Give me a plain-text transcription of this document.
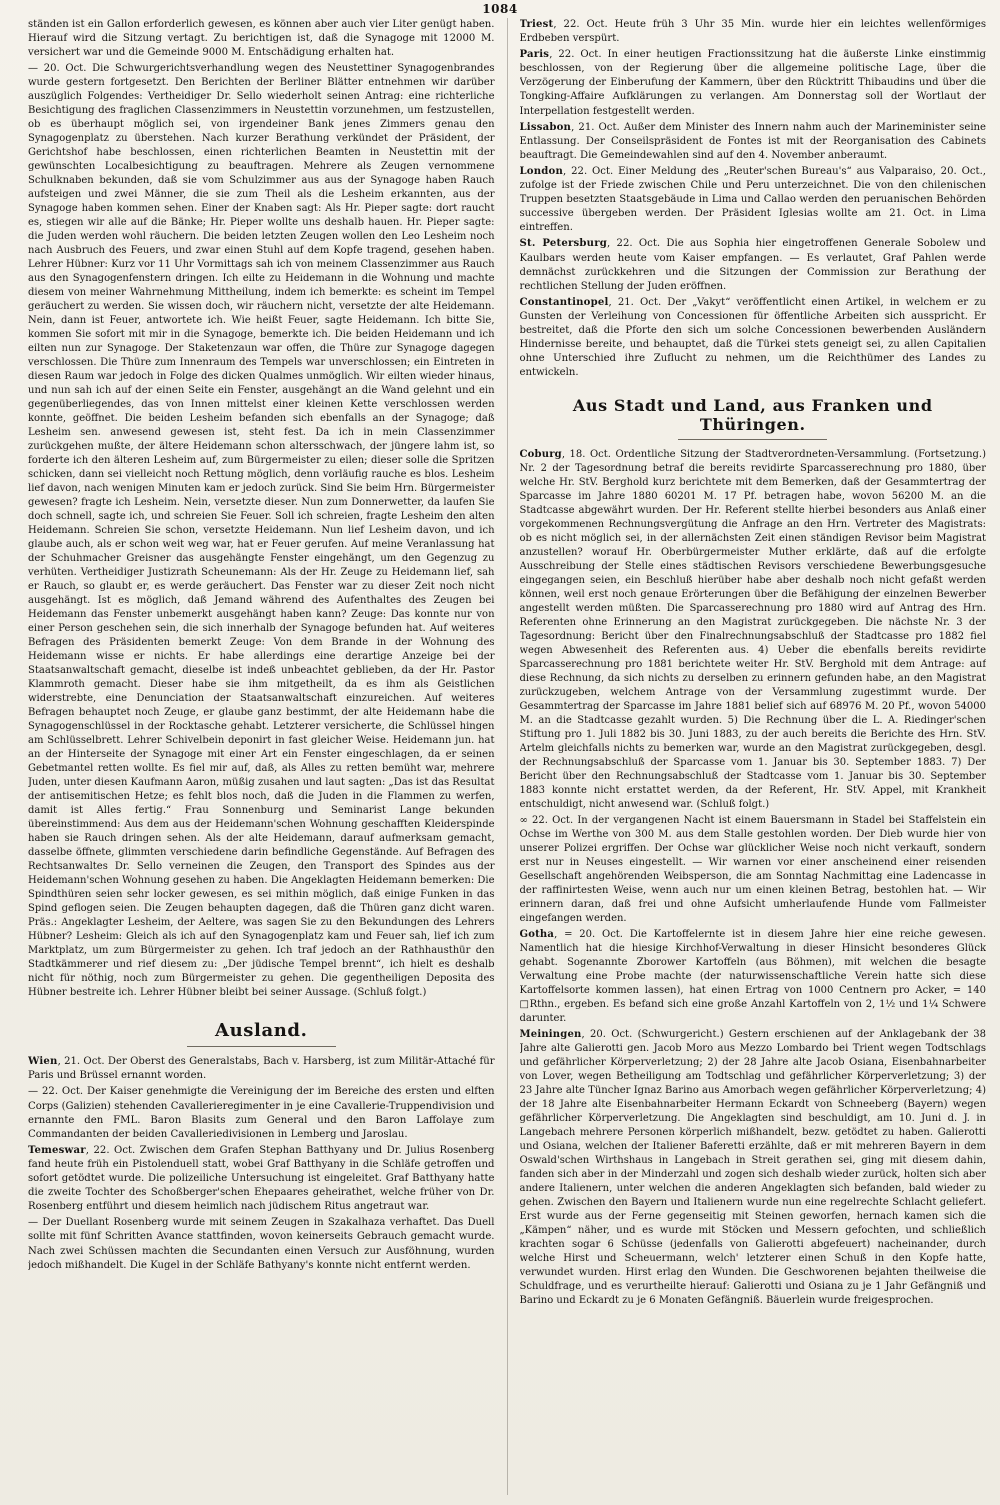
1084

ständen ist ein Gallon erforderlich gewesen, es können aber auch vier Liter genügt haben. Hierauf wird die Sitzung vertagt. Zu berichtigen ist, daß die Synagoge mit 12000 M. versichert war und die Gemeinde 9000 M. Entschädigung erhalten hat.

— 20. Oct. Die Schwurgerichtsverhandlung wegen des Neustettiner Synagogenbrandes wurde gestern fortgesetzt. Den Berichten der Berliner Blätter entnehmen wir darüber auszüglich Folgendes: Vertheidiger Dr. Sello wiederholt seinen Antrag: eine richterliche Besichtigung des fraglichen Classenzimmers in Neustettin vorzunehmen, um festzustellen, ob es überhaupt möglich sei, von irgendeiner Bank jenes Zimmers genau den Synagogenplatz zu überstehen. Nach kurzer Berathung verkündet der Präsident, der Gerichtshof habe beschlossen, einen richterlichen Beamten in Neustettin mit der gewünschten Localbesichtigung zu beauftragen. Mehrere als Zeugen vernommene Schulknaben bekunden, daß sie vom Schulzimmer aus aus der Synagoge haben Rauch aufsteigen und zwei Männer, die sie zum Theil als die Lesheim erkannten, aus der Synagoge haben kommen sehen. Einer der Knaben sagt: Als Hr. Pieper sagte: dort raucht es, stiegen wir alle auf die Bänke; Hr. Pieper wollte uns deshalb hauen. Hr. Pieper sagte: die Juden werden wohl räuchern. Die beiden letzten Zeugen wollen den Leo Lesheim noch nach Ausbruch des Feuers, und zwar einen Stuhl auf dem Kopfe tragend, gesehen haben. Lehrer Hübner: Kurz vor 11 Uhr Vormittags sah ich von meinem Classenzimmer aus Rauch aus den Synagogenfenstern dringen. Ich eilte zu Heidemann in die Wohnung und machte diesem von meiner Wahrnehmung Mittheilung, indem ich bemerkte: es scheint im Tempel geräuchert zu werden. Sie wissen doch, wir räuchern nicht, versetzte der alte Heidemann. Nein, dann ist Feuer, antwortete ich. Wie heißt Feuer, sagte Heidemann. Ich bitte Sie, kommen Sie sofort mit mir in die Synagoge, bemerkte ich. Die beiden Heidemann und ich eilten nun zur Synagoge. Der Staketenzaun war offen, die Thüre zur Synagoge dagegen verschlossen. Die Thüre zum Innenraum des Tempels war unverschlossen; ein Eintreten in diesen Raum war jedoch in Folge des dicken Qualmes unmöglich. Wir eilten wieder hinaus, und nun sah ich auf der einen Seite ein Fenster, ausgehängt an die Wand gelehnt und ein gegenüberliegendes, das von Innen mittelst einer kleinen Kette verschlossen werden konnte, geöffnet. Die beiden Lesheim befanden sich ebenfalls an der Synagoge; daß Lesheim sen. anwesend gewesen ist, steht fest. Da ich in mein Classenzimmer zurückgehen mußte, der ältere Heidemann schon altersschwach, der jüngere lahm ist, so forderte ich den älteren Lesheim auf, zum Bürgermeister zu eilen; dieser solle die Spritzen schicken, dann sei vielleicht noch Rettung möglich, denn vorläufig rauche es blos. Lesheim lief davon, nach wenigen Minuten kam er jedoch zurück. Sind Sie beim Hrn. Bürgermeister gewesen? fragte ich Lesheim. Nein, versetzte dieser. Nun zum Donnerwetter, da laufen Sie doch schnell, sagte ich, und schreien Sie Feuer. Soll ich schreien, fragte Lesheim den alten Heidemann. Schreien Sie schon, versetzte Heidemann. Nun lief Lesheim davon, und ich glaube auch, als er schon weit weg war, hat er Feuer gerufen. Auf meine Veranlassung hat der Schuhmacher Greisner das ausgehängte Fenster eingehängt, um den Gegenzug zu verhüten. Vertheidiger Justizrath Scheunemann: Als der Hr. Zeuge zu Heidemann lief, sah er Rauch, so glaubt er, es werde geräuchert. Das Fenster war zu dieser Zeit noch nicht ausgehängt. Ist es möglich, daß Jemand während des Aufenthaltes des Zeugen bei Heidemann das Fenster unbemerkt ausgehängt haben kann? Zeuge: Das konnte nur von einer Person geschehen sein, die sich innerhalb der Synagoge befunden hat. Auf weiteres Befragen des Präsidenten bemerkt Zeuge: Von dem Brande in der Wohnung des Heidemann wisse er nichts. Er habe allerdings eine derartige Anzeige bei der Staatsanwaltschaft gemacht, dieselbe ist indeß unbeachtet geblieben, da der Hr. Pastor Klammroth gemacht. Dieser habe sie ihm mitgetheilt, da es ihm als Geistlichen widerstrebte, eine Denunciation der Staatsanwaltschaft einzureichen. Auf weiteres Befragen behauptet noch Zeuge, er glaube ganz bestimmt, der alte Heidemann habe die Synagogenschlüssel in der Rocktasche gehabt. Letzterer versicherte, die Schlüssel hingen am Schlüsselbrett. Lehrer Schivelbein deponirt in fast gleicher Weise. Heidemann jun. hat an der Hinterseite der Synagoge mit einer Art ein Fenster eingeschlagen, da er seinen Gebetmantel retten wollte. Es fiel mir auf, daß, als Alles zu retten bemüht war, mehrere Juden, unter diesen Kaufmann Aaron, müßig zusahen und laut sagten: „Das ist das Resultat der antisemitischen Hetze; es fehlt blos noch, daß die Juden in die Flammen zu werfen, damit ist Alles fertig.“ Frau Sonnenburg und Seminarist Lange bekunden übereinstimmend: Aus dem aus der Heidemann'schen Wohnung geschafften Kleiderspinde haben sie Rauch dringen sehen. Als der alte Heidemann, darauf aufmerksam gemacht, dasselbe öffnete, glimmten verschiedene darin befindliche Gegenstände. Auf Befragen des Rechtsanwaltes Dr. Sello verneinen die Zeugen, den Transport des Spindes aus der Heidemann'schen Wohnung gesehen zu haben. Die Angeklagten Heidemann bemerken: Die Spindthüren seien sehr locker gewesen, es sei mithin möglich, daß einige Funken in das Spind geflogen seien. Die Zeugen behaupten dagegen, daß die Thüren ganz dicht waren. Präs.: Angeklagter Lesheim, der Aeltere, was sagen Sie zu den Bekundungen des Lehrers Hübner? Lesheim: Gleich als ich auf den Synagogenplatz kam und Feuer sah, lief ich zum Marktplatz, um zum Bürgermeister zu gehen. Ich traf jedoch an der Rathhausthür den Stadtkämmerer und rief diesem zu: „Der jüdische Tempel brennt“, ich hielt es deshalb nicht für nöthig, noch zum Bürgermeister zu gehen. Die gegentheiligen Deposita des Hübner bestreite ich. Lehrer Hübner bleibt bei seiner Aussage. (Schluß folgt.)

Ausland.

Wien, 21. Oct. Der Oberst des Generalstabs, Bach v. Harsberg, ist zum Militär-Attaché für Paris und Brüssel ernannt worden.

— 22. Oct. Der Kaiser genehmigte die Vereinigung der im Bereiche des ersten und elften Corps (Galizien) stehenden Cavallerieregimenter in je eine Cavallerie-Truppendivision und ernannte den FML. Baron Blasits zum General und den Baron Laffolaye zum Commandanten der beiden Cavalleriedivisionen in Lemberg und Jaroslau.

Temeswar, 22. Oct. Zwischen dem Grafen Stephan Batthyany und Dr. Julius Rosenberg fand heute früh ein Pistolenduell statt, wobei Graf Batthyany in die Schläfe getroffen und sofort getödtet wurde. Die polizeiliche Untersuchung ist eingeleitet. Graf Batthyany hatte die zweite Tochter des Schoßberger'schen Ehepaares geheirathet, welche früher von Dr. Rosenberg entführt und diesem heimlich nach jüdischem Ritus angetraut war.

— Der Duellant Rosenberg wurde mit seinem Zeugen in Szakalhaza verhaftet. Das Duell sollte mit fünf Schritten Avance stattfinden, wovon keinerseits Gebrauch gemacht wurde. Nach zwei Schüssen machten die Secundanten einen Versuch zur Ausföhnung, wurden jedoch mißhandelt. Die Kugel in der Schläfe Bathyany's konnte nicht entfernt werden.

Triest, 22. Oct. Heute früh 3 Uhr 35 Min. wurde hier ein leichtes wellenförmiges Erdbeben verspürt.

Paris, 22. Oct. In einer heutigen Fractionssitzung hat die äußerste Linke einstimmig beschlossen, von der Regierung über die allgemeine politische Lage, über die Verzögerung der Einberufung der Kammern, über den Rücktritt Thibaudins und über die Tongking-Affaire Aufklärungen zu verlangen. Am Donnerstag soll der Wortlaut der Interpellation festgestellt werden.

Lissabon, 21. Oct. Außer dem Minister des Innern nahm auch der Marineminister seine Entlassung. Der Conseilspräsident de Fontes ist mit der Reorganisation des Cabinets beauftragt. Die Gemeindewahlen sind auf den 4. November anberaumt.

London, 22. Oct. Einer Meldung des „Reuter'schen Bureau's“ aus Valparaiso, 20. Oct., zufolge ist der Friede zwischen Chile und Peru unterzeichnet. Die von den chilenischen Truppen besetzten Staatsgebäude in Lima und Callao werden den peruanischen Behörden successive übergeben werden. Der Präsident Iglesias wollte am 21. Oct. in Lima eintreffen.

St. Petersburg, 22. Oct. Die aus Sophia hier eingetroffenen Generale Sobolew und Kaulbars werden heute vom Kaiser empfangen. — Es verlautet, Graf Pahlen werde demnächst zurückkehren und die Sitzungen der Commission zur Berathung der rechtlichen Stellung der Juden eröffnen.

Constantinopel, 21. Oct. Der „Vakyt“ veröffentlicht einen Artikel, in welchem er zu Gunsten der Verleihung von Concessionen für öffentliche Arbeiten sich ausspricht. Er bestreitet, daß die Pforte den sich um solche Concessionen bewerbenden Ausländern Hindernisse bereite, und behauptet, daß die Türkei stets geneigt sei, zu allen Capitalien ohne Unterschied ihre Zuflucht zu nehmen, um die Reichthümer des Landes zu entwickeln.

Aus Stadt und Land, aus Franken und Thüringen.

Coburg, 18. Oct. Ordentliche Sitzung der Stadtverordneten-Versammlung. (Fortsetzung.) Nr. 2 der Tagesordnung betraf die bereits revidirte Sparcasserechnung pro 1880, über welche Hr. StV. Berghold kurz berichtete mit dem Bemerken, daß der Gesammtertrag der Sparcasse im Jahre 1880 60201 M. 17 Pf. betragen habe, wovon 56200 M. an die Stadtcasse abgewährt wurden. Der Hr. Referent stellte hierbei besonders aus Anlaß einer vorgekommenen Rechnungsvergütung die Anfrage an den Hrn. Vertreter des Magistrats: ob es nicht möglich sei, in der allernächsten Zeit einen ständigen Revisor beim Magistrat anzustellen? worauf Hr. Oberbürgermeister Muther erklärte, daß auf die erfolgte Ausschreibung der Stelle eines städtischen Revisors verschiedene Bewerbungsgesuche eingegangen seien, ein Beschluß hierüber habe aber deshalb noch nicht gefaßt werden können, weil erst noch genaue Erörterungen über die Befähigung der einzelnen Bewerber angestellt werden müßten. Die Sparcasserechnung pro 1880 wird auf Antrag des Hrn. Referenten ohne Erinnerung an den Magistrat zurückgegeben. Die nächste Nr. 3 der Tagesordnung: Bericht über den Finalrechnungsabschluß der Stadtcasse pro 1882 fiel wegen Abwesenheit des Referenten aus. 4) Ueber die ebenfalls bereits revidirte Sparcasserechnung pro 1881 berichtete weiter Hr. StV. Berghold mit dem Antrage: auf diese Rechnung, da sich nichts zu derselben zu erinnern gefunden habe, an den Magistrat zurückzugeben, welchem Antrage von der Versammlung zugestimmt wurde. Der Gesammtertrag der Sparcasse im Jahre 1881 belief sich auf 68976 M. 20 Pf., wovon 54000 M. an die Stadtcasse gezahlt wurden. 5) Die Rechnung über die L. A. Riedinger'schen Stiftung pro 1. Juli 1882 bis 30. Juni 1883, zu der auch bereits die Berichte des Hrn. StV. Artelm gleichfalls nichts zu bemerken war, wurde an den Magistrat zurückgegeben, desgl. der Rechnungsabschluß der Sparcasse vom 1. Januar bis 30. September 1883. 7) Der Bericht über den Rechnungsabschluß der Stadtcasse vom 1. Januar bis 30. September 1883 konnte nicht erstattet werden, da der Referent, Hr. StV. Appel, mit Krankheit entschuldigt, nicht anwesend war. (Schluß folgt.)

∞ 22. Oct. In der vergangenen Nacht ist einem Bauersmann in Stadel bei Staffelstein ein Ochse im Werthe von 300 M. aus dem Stalle gestohlen worden. Der Dieb wurde hier von unserer Polizei ergriffen. Der Ochse war glücklicher Weise noch nicht verkauft, sondern erst nur in Neuses eingestellt. — Wir warnen vor einer anscheinend einer reisenden Gesellschaft angehörenden Weibsperson, die am Sonntag Nachmittag eine Ladencasse in der raffinirtesten Weise, wenn auch nur um einen kleinen Betrag, bestohlen hat. — Wir erinnern daran, daß frei und ohne Aufsicht umherlaufende Hunde vom Fallmeister eingefangen werden.

Gotha, = 20. Oct. Die Kartoffelernte ist in diesem Jahre hier eine reiche gewesen. Namentlich hat die hiesige Kirchhof-Verwaltung in dieser Hinsicht besonderes Glück gehabt. Sogenannte Zborower Kartoffeln (aus Böhmen), mit welchen die besagte Verwaltung eine Probe machte (der naturwissenschaftliche Verein hatte sich diese Kartoffelsorte kommen lassen), hat einen Ertrag von 1000 Centnern pro Acker, = 140 □Rthn., ergeben. Es befand sich eine große Anzahl Kartoffeln von 2, 1½ und 1¼ Schwere darunter.

Meiningen, 20. Oct. (Schwurgericht.) Gestern erschienen auf der Anklagebank der 38 Jahre alte Galierotti gen. Jacob Moro aus Mezzo Lombardo bei Trient wegen Todtschlags und gefährlicher Körperverletzung; 2) der 28 Jahre alte Jacob Osiana, Eisenbahnarbeiter von Lover, wegen Betheiligung am Todtschlag und gefährlicher Körperverletzung; 3) der 23 Jahre alte Tüncher Ignaz Barino aus Amorbach wegen gefährlicher Körperverletzung; 4) der 18 Jahre alte Eisenbahnarbeiter Hermann Eckardt von Schneeberg (Bayern) wegen gefährlicher Körperverletzung. Die Angeklagten sind beschuldigt, am 10. Juni d. J. in Langebach mehrere Personen körperlich mißhandelt, bezw. getödtet zu haben. Galierotti und Osiana, welchen der Italiener Baferetti erzählte, daß er mit mehreren Bayern in dem Oswald'schen Wirthshaus in Langebach in Streit gerathen sei, ging mit diesem dahin, fanden sich aber in der Minderzahl und zogen sich deshalb wieder zurück, holten sich aber andere Italienern, unter welchen die anderen Angeklagten sich befanden, bald wieder zu gehen. Zwischen den Bayern und Italienern wurde nun eine regelrechte Schlacht geliefert. Erst wurde aus der Ferne gegenseitig mit Steinen geworfen, hernach kamen sich die „Kämpen“ näher, und es wurde mit Stöcken und Messern gefochten, und schließlich krachten sogar 6 Schüsse (jedenfalls von Galierotti abgefeuert) nacheinander, durch welche Hirst und Scheuermann, welch' letzterer einen Schuß in den Kopfe hatte, verwundet wurden. Hirst erlag den Wunden. Die Geschworenen bejahten theilweise die Schuldfrage, und es verurtheilte hierauf: Galierotti und Osiana zu je 1 Jahr Gefängniß und Barino und Eckardt zu je 6 Monaten Gefängniß. Bäuerlein wurde freigesprochen.
